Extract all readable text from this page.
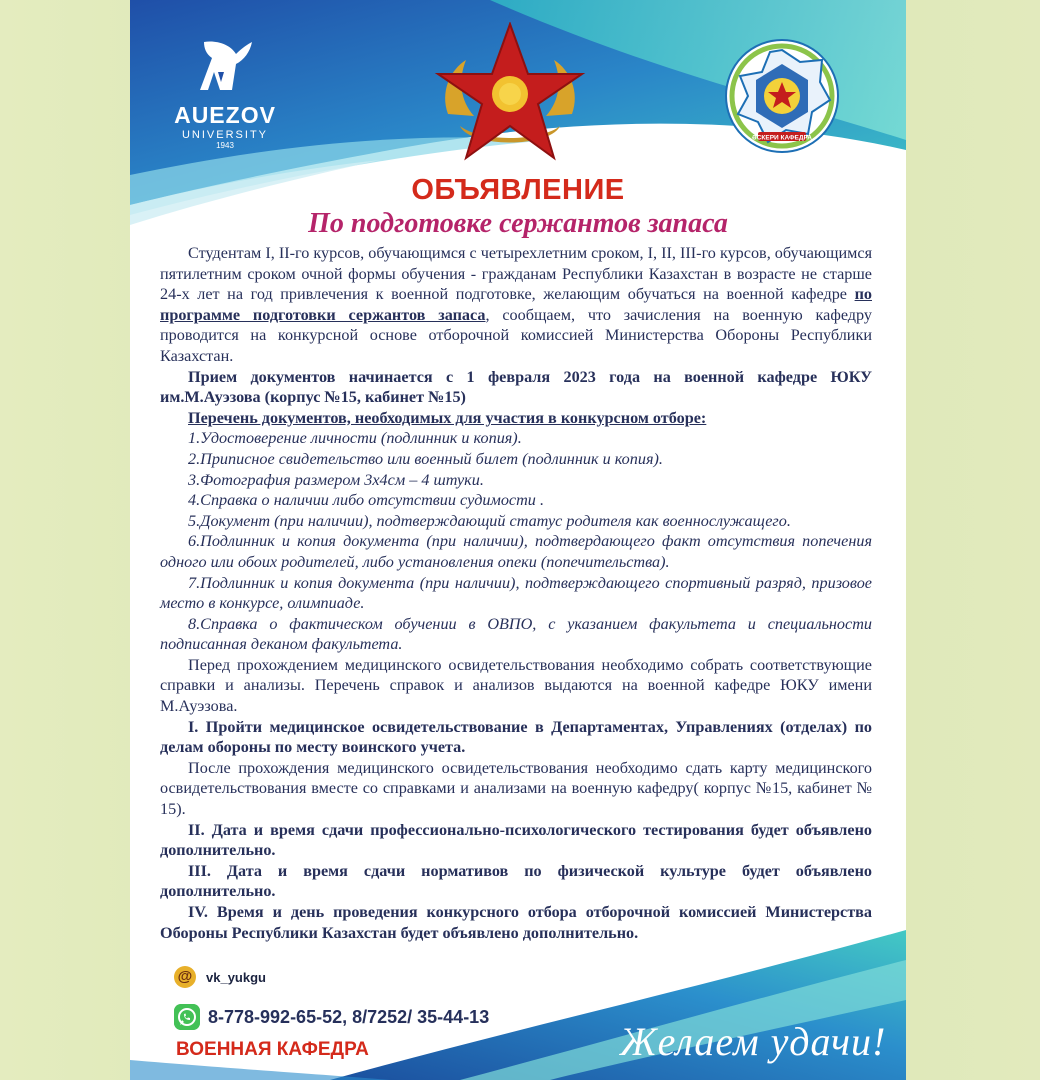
AUEZOV
UNIVERSITY
1943
ӘСКЕРИ КАФЕДРА
ОБЪЯВЛЕНИЕ
По подготовке сержантов запаса

Студентам I, II-го курсов, обучающимся с четырехлетним сроком, I, II, III-го курсов, обучающимся пятилетним сроком очной формы обучения - гражданам Республики Казахстан в возрасте не старше 24-х лет на год привлечения к военной подготовке, желающим обучаться на военной кафедре по программе подготовки сержантов запаса, сообщаем, что зачисления на военную кафедру проводится на конкурсной основе отборочной комиссией Министерства Обороны Республики Казахстан.

Прием документов начинается с 1 февраля 2023 года на военной кафедре ЮКУ им.М.Ауэзова (корпус №15, кабинет №15)

Перечень документов, необходимых для участия в конкурсном отборе:

1.Удостоверение личности (подлинник и копия).

2.Приписное свидетельство или военный билет (подлинник и копия).

3.Фотография размером 3х4см – 4 штуки.

4.Справка о наличии либо отсутствии судимости .

5.Документ (при наличии), подтверждающий статус родителя как военнослужащего.

6.Подлинник и копия документа (при наличии), подтвердающего факт отсутствия попечения одного или обоих родителей, либо установления опеки (попечительства).

7.Подлинник и копия документа (при наличии), подтверждающего спортивный разряд, призовое место в конкурсе, олимпиаде.

8.Справка о фактическом обучении в ОВПО, с указанием факультета и специальности подписанная деканом факультета.

Перед прохождением медицинского освидетельствования необходимо собрать соответствующие справки и анализы. Перечень справок и анализов выдаются на военной кафедре ЮКУ имени М.Ауэзова.

I. Пройти медицинское освидетельствование в Департаментах, Управлениях (отделах) по делам обороны по месту воинского учета.

После прохождения медицинского освидетельствования необходимо сдать карту медицинского освидетельствования вместе со справками и анализами на военную кафедру( корпус №15, кабинет № 15).

II. Дата и время сдачи профессионально-психологического тестирования будет объявлено дополнительно.

III. Дата и время сдачи нормативов по физической культуре будет объявлено дополнительно.

IV. Время и день проведения конкурсного отбора отборочной комиссией Министерства Обороны Республики Казахстан будет объявлено дополнительно.

@ vk_yukgu
8-778-992-65-52, 8/7252/ 35-44-13
ВОЕННАЯ КАФЕДРА	Желаем удачи!
